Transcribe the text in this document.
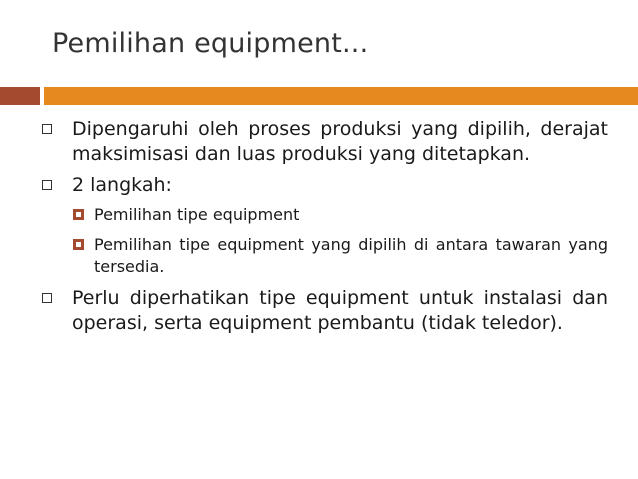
Pemilihan equipment...
Dipengaruhi oleh proses produksi yang dipilih, derajat maksimisasi dan luas produksi yang ditetapkan.
2 langkah:
Pemilihan tipe equipment
Pemilihan tipe equipment yang dipilih di antara tawaran yang tersedia.
Perlu diperhatikan tipe equipment untuk instalasi dan operasi, serta equipment pembantu (tidak teledor).
